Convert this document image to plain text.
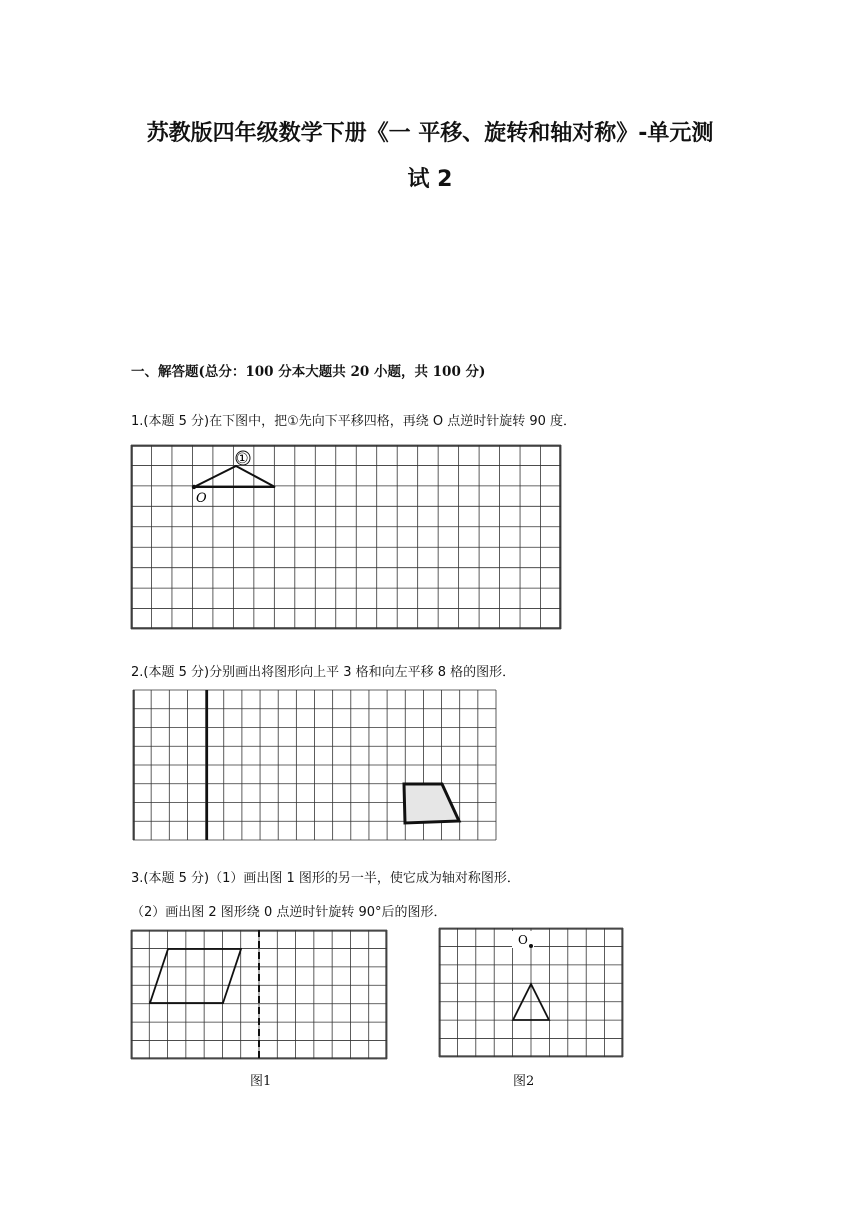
苏教版四年级数学下册《一 平移、旋转和轴对称》-单元测
试 2
一、解答题(总分：100 分本大题共 20 小题，共 100 分)
1.(本题 5 分)在下图中，把①先向下平移四格，再绕 O 点逆时针旋转 90 度．
①
O
2.(本题 5 分)分别画出将图形向上平 3 格和向左平移 8 格的图形．
3.(本题 5 分)（1）画出图 1 图形的另一半，使它成为轴对称图形．
（2）画出图 2 图形绕 0 点逆时针旋转 90°后的图形．
O
图1	图2
